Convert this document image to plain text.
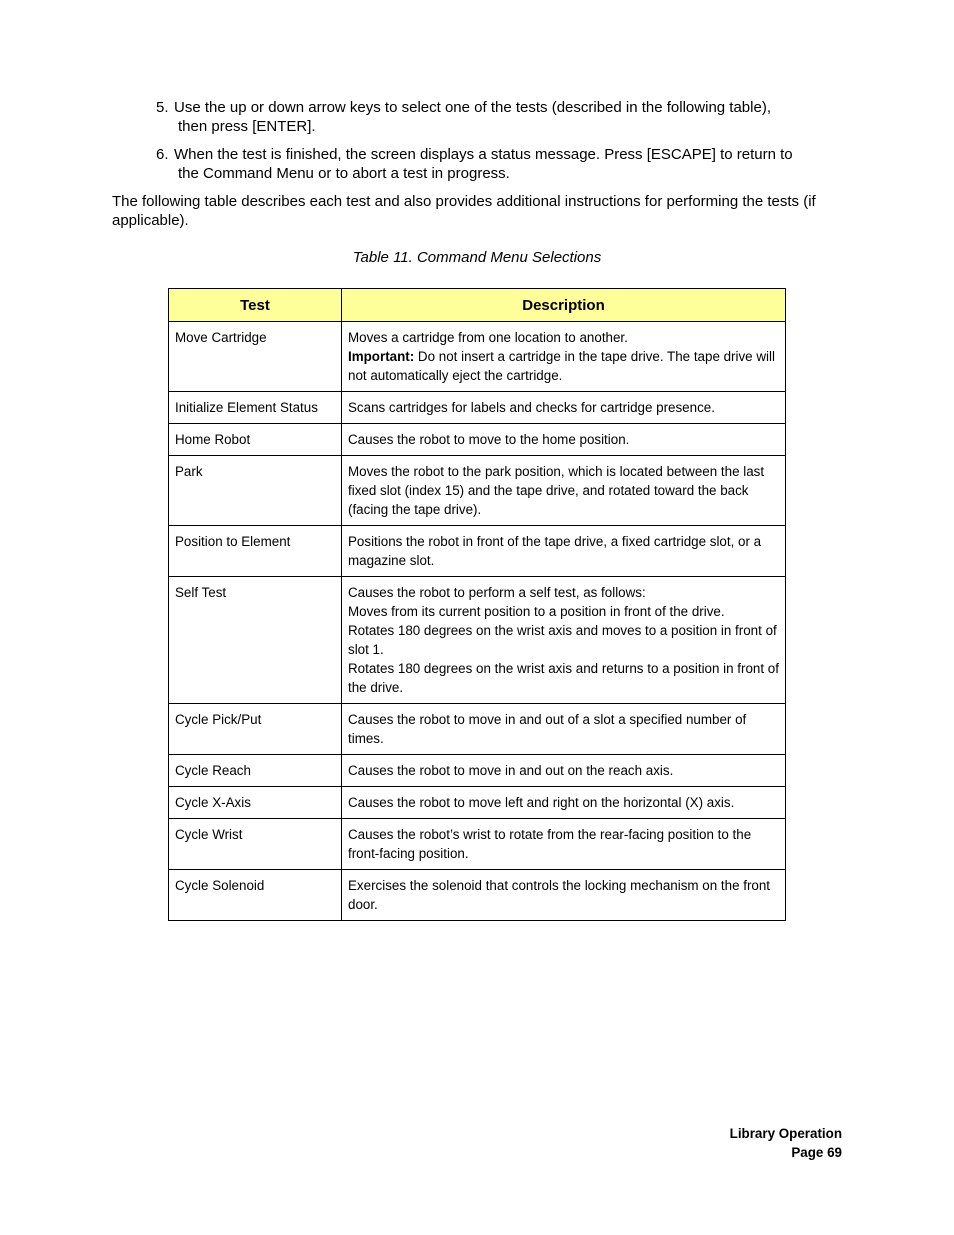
5. Use the up or down arrow keys to select one of the tests (described in the following table),
then press [ENTER].
6. When the test is finished, the screen displays a status message. Press [ESCAPE] to return to
the Command Menu or to abort a test in progress.
The following table describes each test and also provides additional instructions for performing the tests (if applicable).
Table 11. Command Menu Selections
Test	Description
Move Cartridge	Moves a cartridge from one location to another.
Important: Do not insert a cartridge in the tape drive. The tape drive will not automatically eject the cartridge.

Initialize Element Status	Scans cartridges for labels and checks for cartridge presence.

Home Robot	Causes the robot to move to the home position.

Park	Moves the robot to the park position, which is located between the last fixed slot (index 15) and the tape drive, and rotated toward the back (facing the tape drive).

Position to Element	Positions the robot in front of the tape drive, a fixed cartridge slot, or a magazine slot.

Self Test	Causes the robot to perform a self test, as follows:
Moves from its current position to a position in front of the drive.
Rotates 180 degrees on the wrist axis and moves to a position in front of slot 1.
Rotates 180 degrees on the wrist axis and returns to a position in front of the drive.

Cycle Pick/Put	Causes the robot to move in and out of a slot a specified number of times.

Cycle Reach	Causes the robot to move in and out on the reach axis.

Cycle X-Axis	Causes the robot to move left and right on the horizontal (X) axis.

Cycle Wrist	Causes the robot’s wrist to rotate from the rear-facing position to the front-facing position.

Cycle Solenoid	Exercises the solenoid that controls the locking mechanism on the front door.
Library Operation
Page 69
